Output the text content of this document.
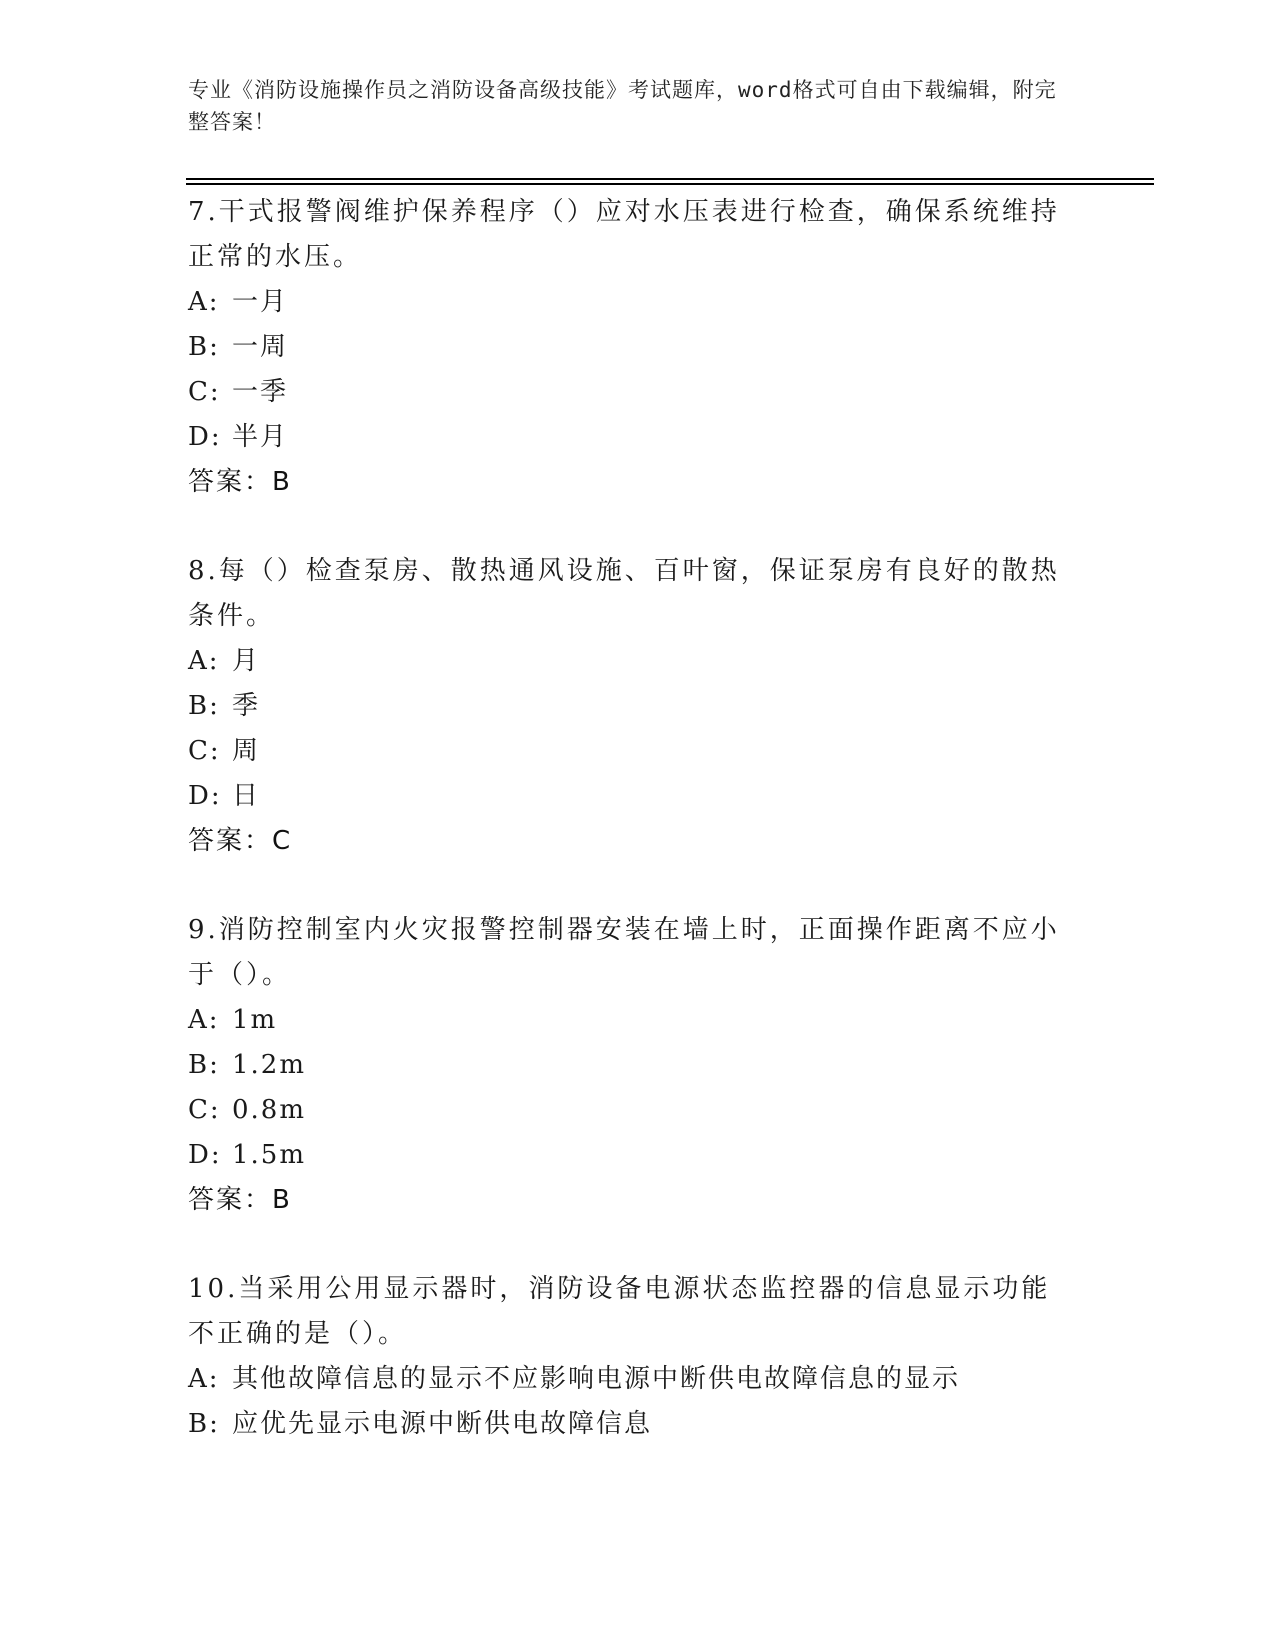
专业《消防设施操作员之消防设备高级技能》考试题库，word格式可自由下载编辑，附完整答案！
7.干式报警阀维护保养程序（）应对水压表进行检查，确保系统维持正常的水压。
A: 一月
B: 一周
C: 一季
D: 半月
答案：B
8.每（）检查泵房、散热通风设施、百叶窗，保证泵房有良好的散热条件。
A: 月
B: 季
C: 周
D: 日
答案：C
9.消防控制室内火灾报警控制器安装在墙上时，正面操作距离不应小于（）。
A: 1m
B: 1.2m
C: 0.8m
D: 1.5m
答案：B
10.当采用公用显示器时，消防设备电源状态监控器的信息显示功能不正确的是（）。
A: 其他故障信息的显示不应影响电源中断供电故障信息的显示
B: 应优先显示电源中断供电故障信息
